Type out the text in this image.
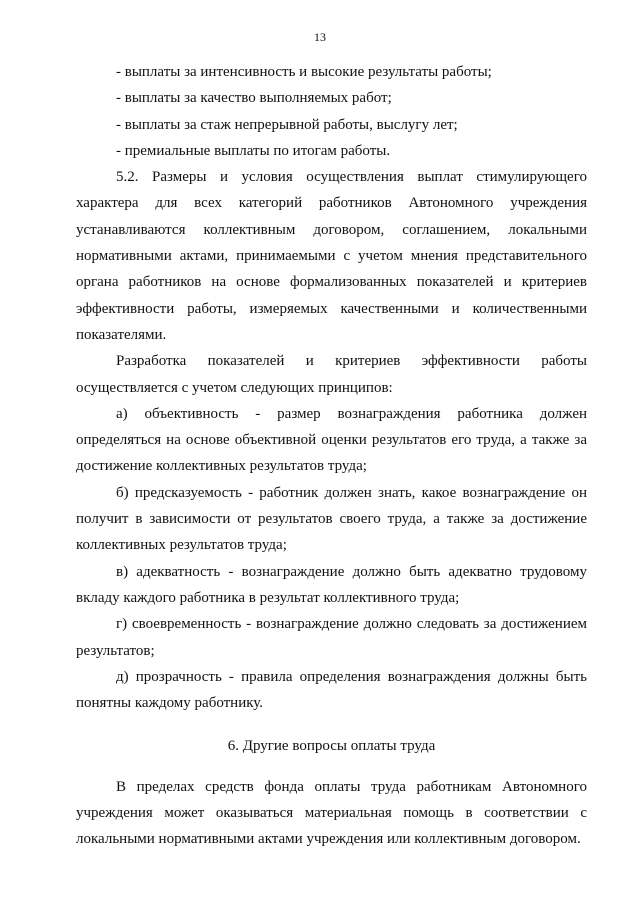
13

- выплаты за интенсивность и высокие результаты работы;

- выплаты за качество выполняемых работ;

- выплаты за стаж непрерывной работы, выслугу лет;

- премиальные выплаты по итогам работы.

5.2. Размеры и условия осуществления выплат стимулирующего характера для всех категорий работников Автономного учреждения устанавливаются коллективным договором, соглашением, локальными нормативными актами, принимаемыми с учетом мнения представительного органа работников на основе формализованных показателей и критериев эффективности работы, измеряемых качественными и количественными показателями.

Разработка показателей и критериев эффективности работы осуществляется с учетом следующих принципов:

а) объективность - размер вознаграждения работника должен определяться на основе объективной оценки результатов его труда, а также за достижение коллективных результатов труда;

б) предсказуемость - работник должен знать, какое вознаграждение он получит в зависимости от результатов своего труда, а также за достижение коллективных результатов труда;

в) адекватность - вознаграждение должно быть адекватно трудовому вкладу каждого работника в результат коллективного труда;

г) своевременность - вознаграждение должно следовать за достижением результатов;

д) прозрачность - правила определения вознаграждения должны быть понятны каждому работнику.

6. Другие вопросы оплаты труда

В пределах средств фонда оплаты труда работникам Автономного учреждения может оказываться материальная помощь в соответствии с локальными нормативными актами учреждения или коллективным договором.
